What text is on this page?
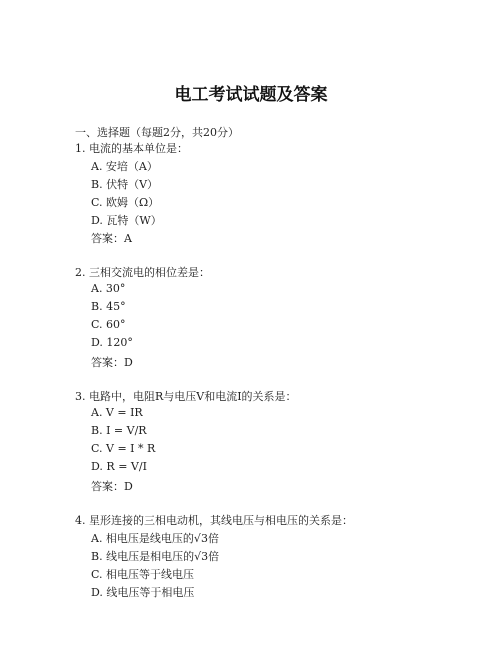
电工考试试题及答案
一、选择题（每题2分，共20分）
1. 电流的基本单位是：
A. 安培（A）
B. 伏特（V）
C. 欧姆（Ω）
D. 瓦特（W）
答案：A
2. 三相交流电的相位差是：
A. 30°
B. 45°
C. 60°
D. 120°
答案：D
3. 电路中，电阻R与电压V和电流I的关系是：
A. V = IR
B. I = V/R
C. V = I * R
D. R = V/I
答案：D
4. 星形连接的三相电动机，其线电压与相电压的关系是：
A. 相电压是线电压的√3倍
B. 线电压是相电压的√3倍
C. 相电压等于线电压
D. 线电压等于相电压
